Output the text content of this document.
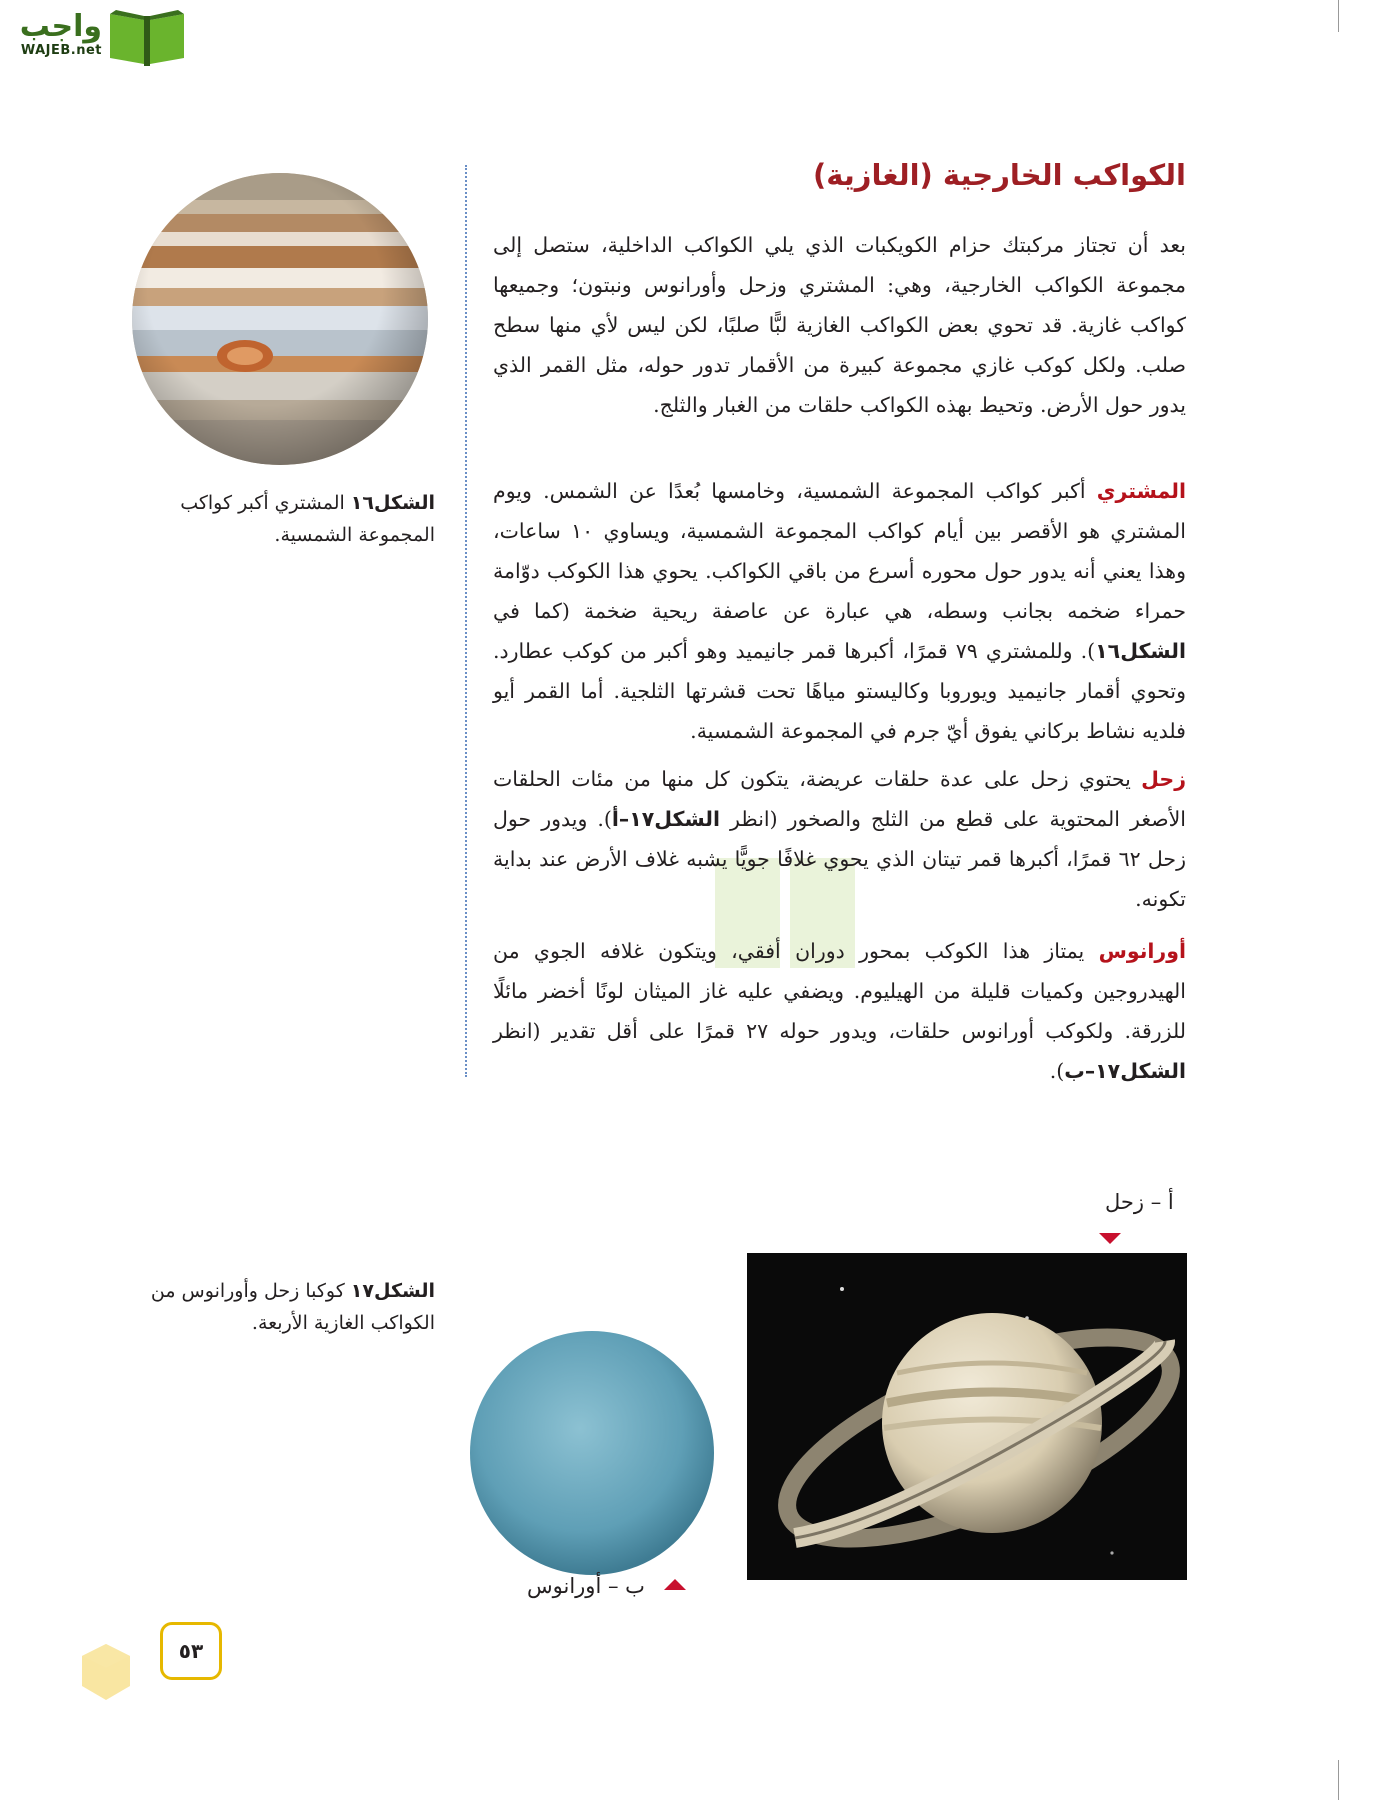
واجب
WAJEB.net
الشكل١٦ المشتري أكبر كواكب المجموعة الشمسية.
الكواكب الخارجية (الغازية)

بعد أن تجتاز مركبتك حزام الكويكبات الذي يلي الكواكب الداخلية، ستصل إلى مجموعة الكواكب الخارجية، وهي: المشتري وزحل وأورانوس ونبتون؛ وجميعها كواكب غازية. قد تحوي بعض الكواكب الغازية لبًّا صلبًا، لكن ليس لأي منها سطح صلب. ولكل كوكب غازي مجموعة كبيرة من الأقمار تدور حوله، مثل القمر الذي يدور حول الأرض. وتحيط بهذه الكواكب حلقات من الغبار والثلج.

المشتري أكبر كواكب المجموعة الشمسية، وخامسها بُعدًا عن الشمس. ويوم المشتري هو الأقصر بين أيام كواكب المجموعة الشمسية، ويساوي ١٠ ساعات، وهذا يعني أنه يدور حول محوره أسرع من باقي الكواكب. يحوي هذا الكوكب دوّامة حمراء ضخمه بجانب وسطه، هي عبارة عن عاصفة ريحية ضخمة (كما في الشكل١٦). وللمشتري ٧٩ قمرًا، أكبرها قمر جانيميد وهو أكبر من كوكب عطارد. وتحوي أقمار جانيميد ويوروبا وكاليستو مياهًا تحت قشرتها الثلجية. أما القمر أيو فلديه نشاط بركاني يفوق أيّ جرم في المجموعة الشمسية.

زحل يحتوي زحل على عدة حلقات عريضة، يتكون كل منها من مئات الحلقات الأصغر المحتوية على قطع من الثلج والصخور (انظر الشكل١٧–أ). ويدور حول زحل ٦٢ قمرًا، أكبرها قمر تيتان الذي يحوي غلافًا جويًّا يشبه غلاف الأرض عند بداية تكونه.

أورانوس يمتاز هذا الكوكب بمحور دوران أفقي، ويتكون غلافه الجوي من الهيدروجين وكميات قليلة من الهيليوم. ويضفي عليه غاز الميثان لونًا أخضر مائلًا للزرقة. ولكوكب أورانوس حلقات، ويدور حوله ٢٧ قمرًا على أقل تقدير (انظر الشكل١٧–ب).

أ – زحل
ب – أورانوس
الشكل١٧ كوكبا زحل وأورانوس من الكواكب الغازية الأربعة.
٥٣
